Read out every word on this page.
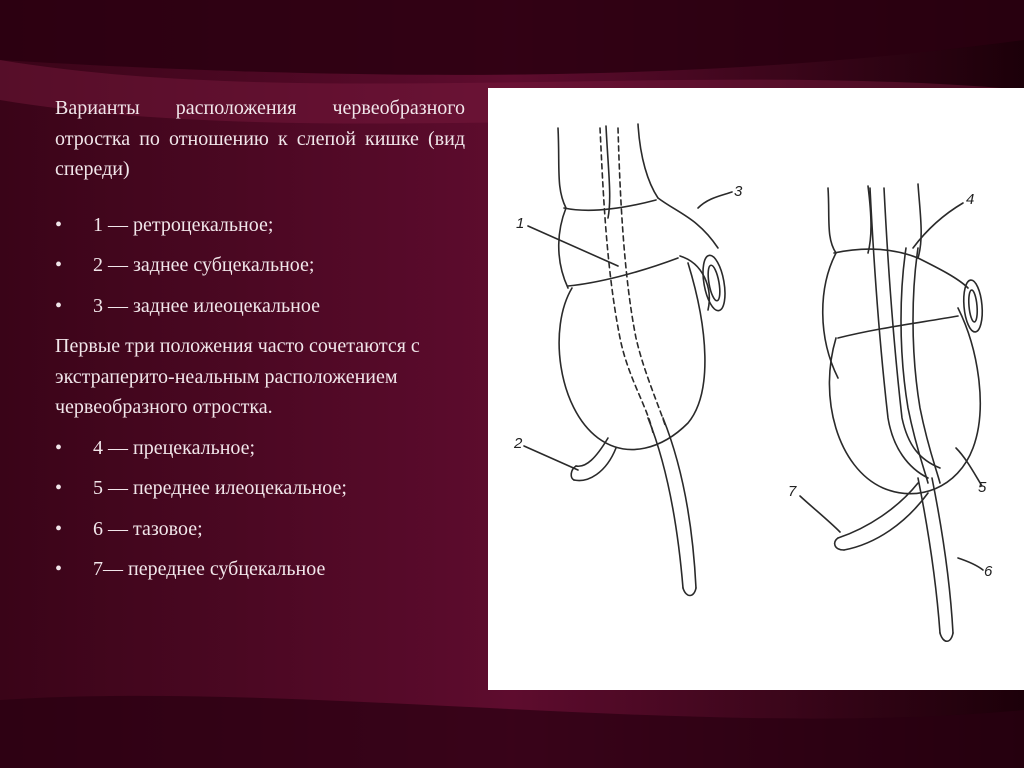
Варианты расположения червеобразного отростка по отношению к слепой кишке (вид спереди)
•	1 — ретроцекальное;
•	2 — заднее субцекальное;
•	3 — заднее илеоцекальное
Первые три положения часто сочетаются с экстраперито-неальным расположением червеобразного отростка.
•	4 — прецекальное;
•	5 — переднее илеоцекальное;
•	6 — тазовое;
•	7— переднее субцекальное
1
2
3	4
5
6
7
